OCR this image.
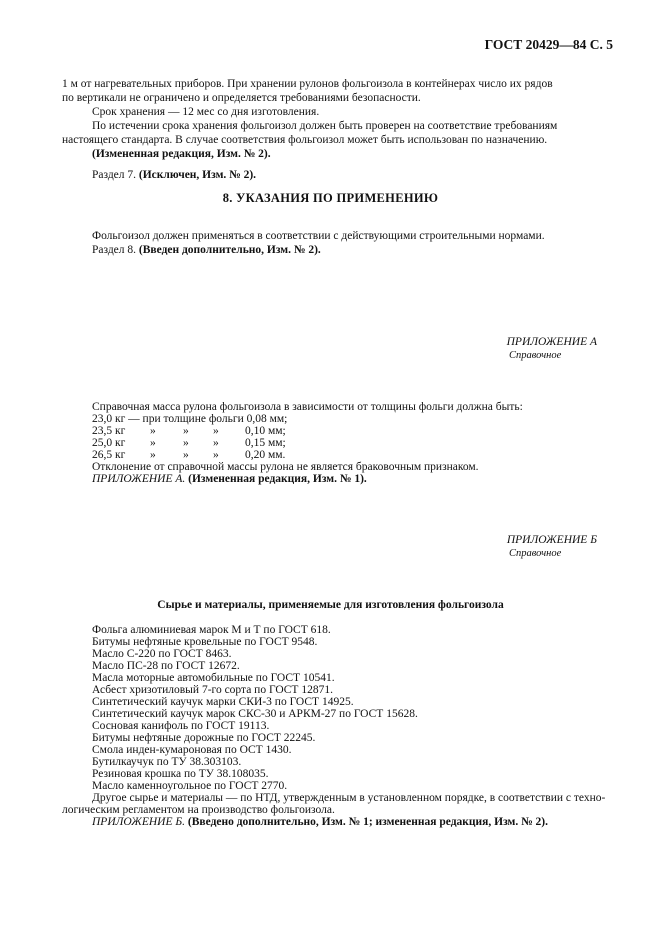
ГОСТ 20429—84 С. 5
1 м от нагревательных приборов. При хранении рулонов фольгоизола в контейнерах число их рядов
по вертикали не ограничено и определяется требованиями безопасности.
Срок хранения — 12 мес со дня изготовления.
По истечении срока хранения фольгоизол должен быть проверен на соответствие требованиям
настоящего стандарта. В случае соответствия фольгоизол может быть использован по назначению.
(Измененная редакция, Изм. № 2).
Раздел 7. (Исключен, Изм. № 2).
8. УКАЗАНИЯ ПО ПРИМЕНЕНИЮ
Фольгоизол должен применяться в соответствии с действующими строительными нормами.
Раздел 8. (Введен дополнительно, Изм. № 2).
ПРИЛОЖЕНИЕ А
Справочное
Справочная масса рулона фольгоизола в зависимости от толщины фольги должна быть:
23,0 кг — при толщине фольги 0,08 мм;
23,5 кг » » » 0,10 мм;
25,0 кг » » » 0,15 мм;
26,5 кг » » » 0,20 мм.
Отклонение от справочной массы рулона не является браковочным признаком.
ПРИЛОЖЕНИЕ А. (Измененная редакция, Изм. № 1).
ПРИЛОЖЕНИЕ Б
Справочное
Сырье и материалы, применяемые для изготовления фольгоизола
Фольга алюминиевая марок М и Т по ГОСТ 618.
Битумы нефтяные кровельные по ГОСТ 9548.
Масло С-220 по ГОСТ 8463.
Масло ПС-28 по ГОСТ 12672.
Масла моторные автомобильные по ГОСТ 10541.
Асбест хризотиловый 7-го сорта по ГОСТ 12871.
Синтетический каучук марки СКИ-3 по ГОСТ 14925.
Синтетический каучук марок СКС-30 и АРКМ-27 по ГОСТ 15628.
Сосновая канифоль по ГОСТ 19113.
Битумы нефтяные дорожные по ГОСТ 22245.
Смола инден-кумароновая по ОСТ 1430.
Бутилкаучук по ТУ 38.303103.
Резиновая крошка по ТУ 38.108035.
Масло каменноугольное по ГОСТ 2770.
Другое сырье и материалы — по НТД, утвержденным в установленном порядке, в соответствии с техно-
логическим регламентом на производство фольгоизола.
ПРИЛОЖЕНИЕ Б. (Введено дополнительно, Изм. № 1; измененная редакция, Изм. № 2).
